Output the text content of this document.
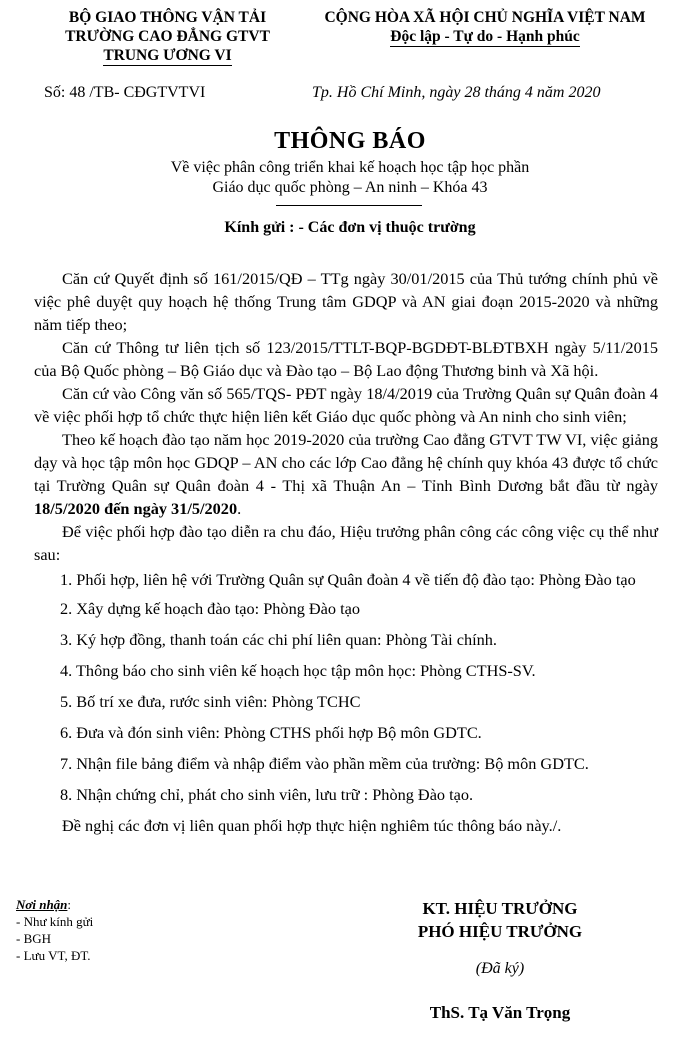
BỘ GIAO THÔNG VẬN TẢI
TRƯỜNG CAO ĐẲNG GTVT
TRUNG ƯƠNG VI
CỘNG HÒA XÃ HỘI CHỦ NGHĨA VIỆT NAM
Độc lập - Tự do - Hạnh phúc
Số: 48 /TB- CĐGTVTVI	Tp. Hồ Chí Minh, ngày 28 tháng 4 năm 2020
THÔNG BÁO
Về việc phân công triển khai kế hoạch học tập học phần
Giáo dục quốc phòng – An ninh – Khóa 43
Kính gửi : - Các đơn vị thuộc trường

Căn cứ Quyết định số 161/2015/QĐ – TTg ngày 30/01/2015 của Thủ tướng chính phủ về việc phê duyệt quy hoạch hệ thống Trung tâm GDQP và AN giai đoạn 2015-2020 và những năm tiếp theo;

Căn cứ Thông tư liên tịch số 123/2015/TTLT-BQP-BGDĐT-BLĐTBXH ngày 5/11/2015 của Bộ Quốc phòng – Bộ Giáo dục và Đào tạo – Bộ Lao động Thương binh và Xã hội.

Căn cứ vào Công văn số 565/TQS- PĐT ngày 18/4/2019 của Trường Quân sự Quân đoàn 4 về việc phối hợp tổ chức thực hiện liên kết Giáo dục quốc phòng và An ninh cho sinh viên;

Theo kế hoạch đào tạo năm học 2019-2020 của trường Cao đẳng GTVT TW VI, việc giảng dạy và học tập môn học GDQP – AN cho các lớp Cao đẳng hệ chính quy khóa 43 được tổ chức tại Trường Quân sự Quân đoàn 4 - Thị xã Thuận An – Tỉnh Bình Dương bắt đầu từ ngày 18/5/2020 đến ngày 31/5/2020.

Để việc phối hợp đào tạo diễn ra chu đáo, Hiệu trưởng phân công các công việc cụ thể như sau:

1. Phối hợp, liên hệ với Trường Quân sự Quân đoàn 4 về tiến độ đào tạo: Phòng Đào tạo
2. Xây dựng kế hoạch đào tạo: Phòng Đào tạo
3. Ký hợp đồng, thanh toán các chi phí liên quan: Phòng Tài chính.
4. Thông báo cho sinh viên kế hoạch học tập môn học: Phòng CTHS-SV.
5. Bố trí xe đưa, rước sinh viên: Phòng TCHC
6. Đưa và đón sinh viên: Phòng CTHS phối hợp Bộ môn GDTC.
7. Nhận file bảng điểm và nhập điểm vào phần mềm của trường: Bộ môn GDTC.
8. Nhận chứng chỉ, phát cho sinh viên, lưu trữ : Phòng Đào tạo.

Đề nghị các đơn vị liên quan phối hợp thực hiện nghiêm túc thông báo này./.

Nơi nhận:
- Như kính gửi
- BGH
- Lưu VT, ĐT.
KT. HIỆU TRƯỞNG
PHÓ HIỆU TRƯỞNG
(Đã ký)
ThS. Tạ Văn Trọng
